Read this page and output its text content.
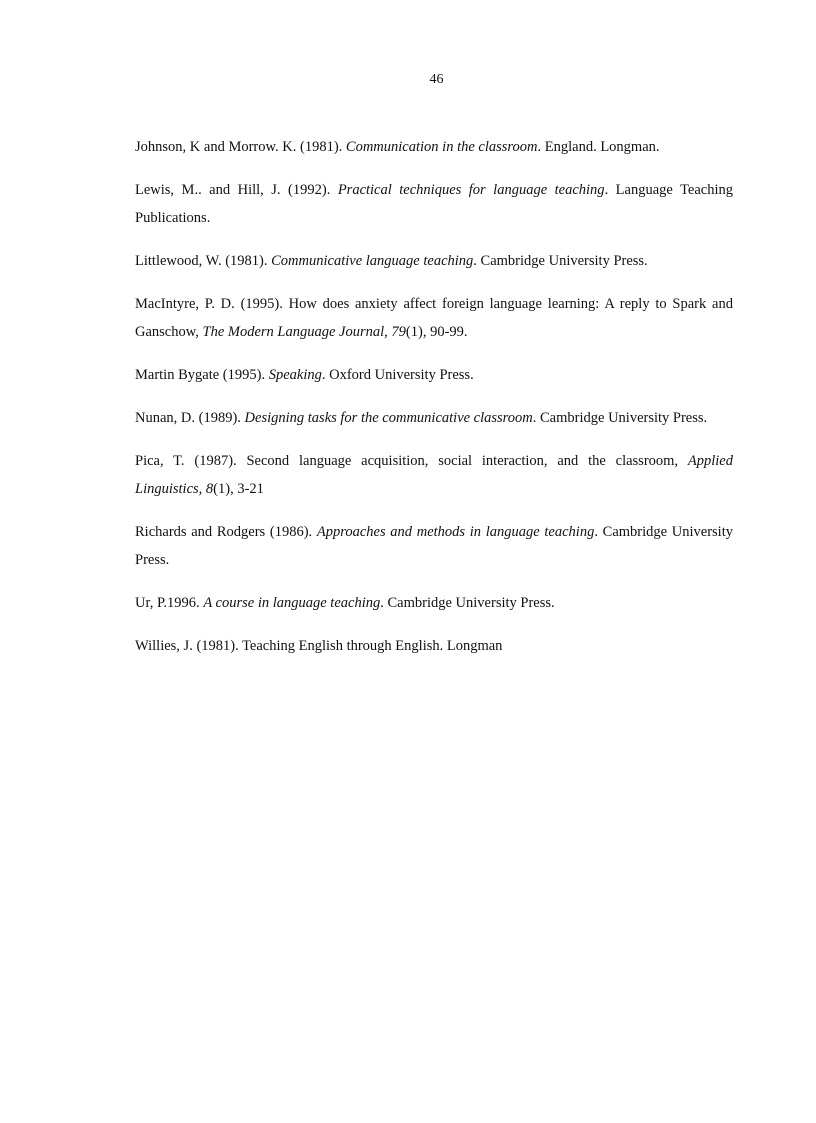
46

Johnson, K and Morrow. K. (1981). Communication in the classroom. England. Longman.

Lewis, M.. and Hill, J. (1992). Practical techniques for language teaching. Language Teaching Publications.

Littlewood, W. (1981). Communicative language teaching. Cambridge University Press.

MacIntyre, P. D. (1995). How does anxiety affect foreign language learning: A reply to Spark and Ganschow, The Modern Language Journal, 79(1), 90-99.

Martin Bygate (1995). Speaking. Oxford University Press.

Nunan, D. (1989). Designing tasks for the communicative classroom. Cambridge University Press.

Pica, T. (1987). Second language acquisition, social interaction, and the classroom, Applied Linguistics, 8(1), 3-21

Richards and Rodgers (1986). Approaches and methods in language teaching. Cambridge University Press.

Ur, P.1996. A course in language teaching. Cambridge University Press.

Willies, J. (1981). Teaching English through English. Longman
